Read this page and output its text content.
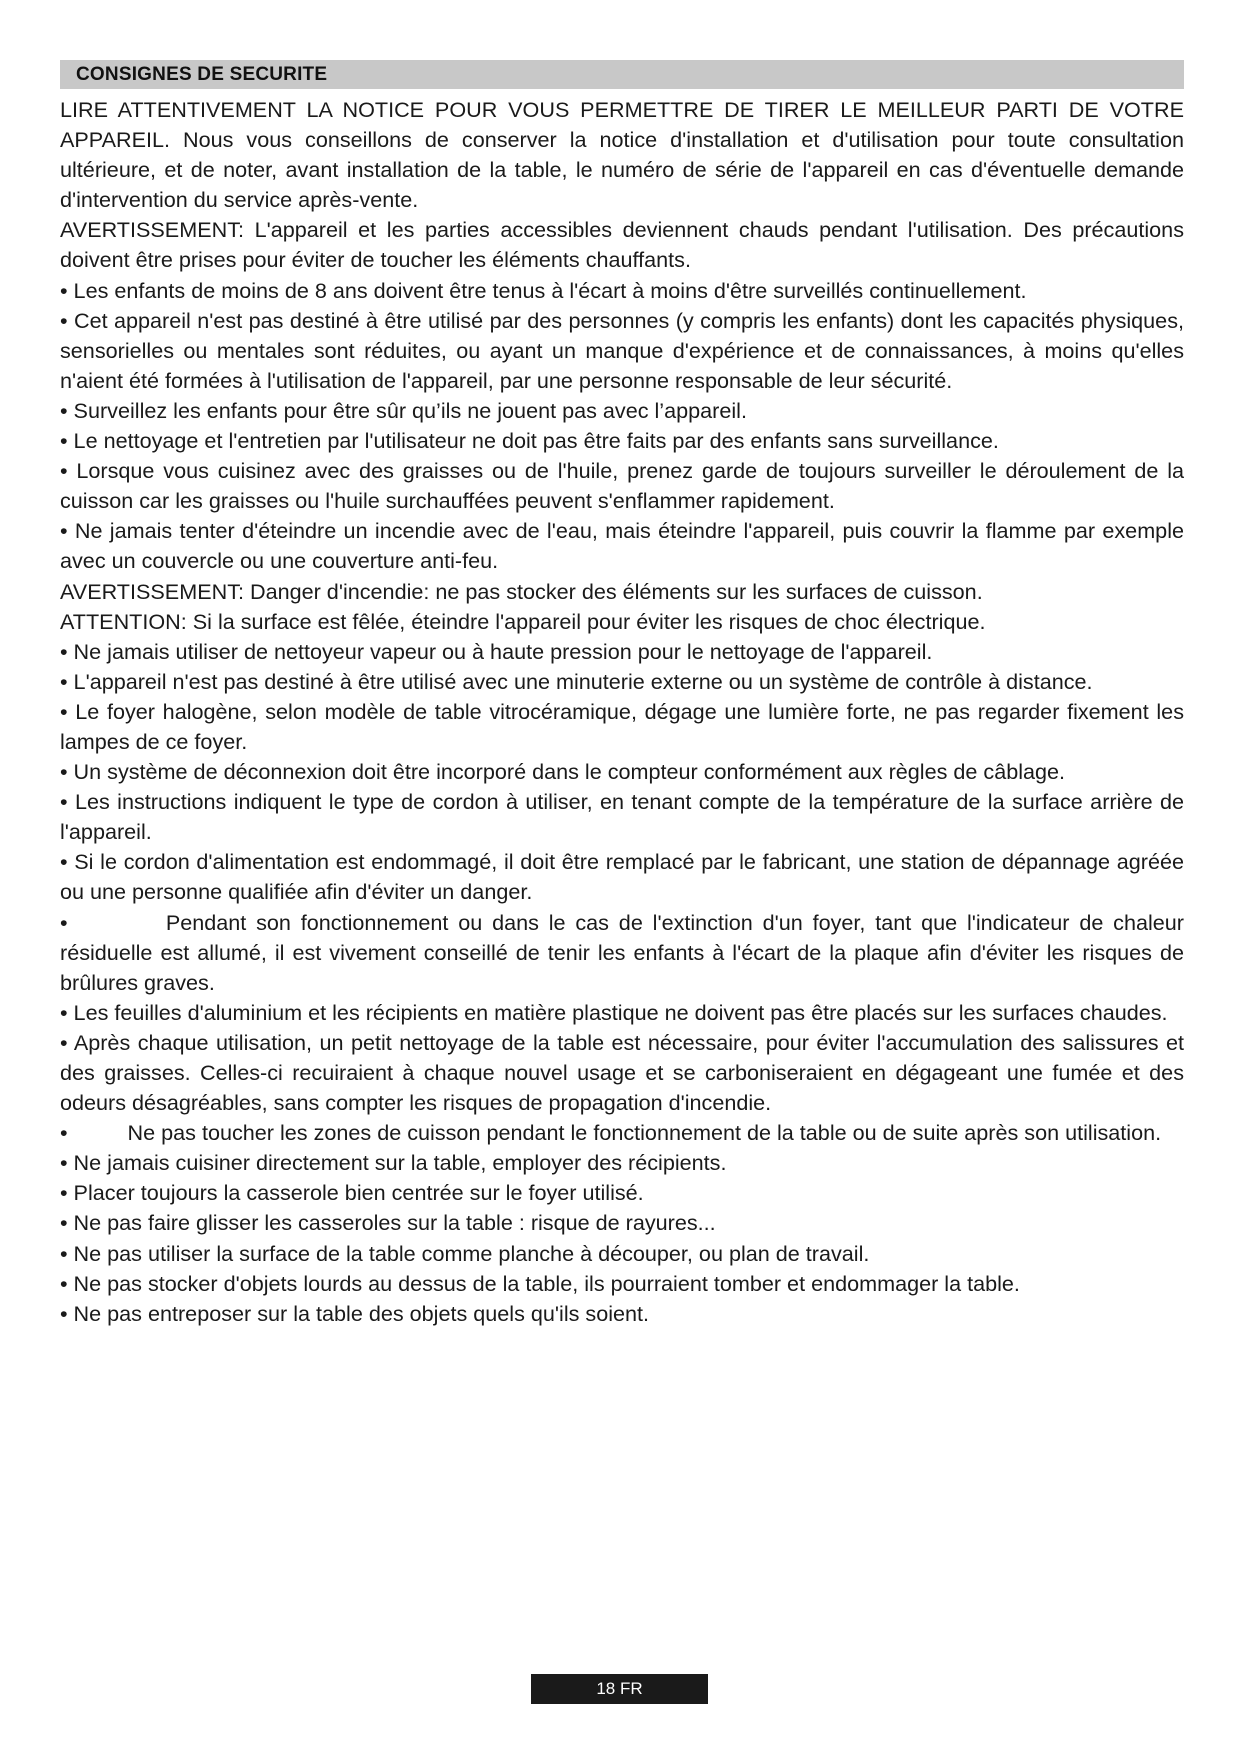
CONSIGNES DE SECURITE

LIRE ATTENTIVEMENT LA NOTICE POUR VOUS PERMETTRE DE TIRER LE MEILLEUR PARTI DE VOTRE APPAREIL. Nous vous conseillons de conserver la notice d'installation et d'utilisation pour toute consultation ultérieure, et de noter, avant installation de la table, le numéro de série de l'appareil en cas d'éventuelle demande d'intervention du service après-vente.

AVERTISSEMENT: L'appareil et les parties accessibles deviennent chauds pendant l'utilisation. Des précautions doivent être prises pour éviter de toucher les éléments chauffants.

• Les enfants de moins de 8 ans doivent être tenus à l'écart à moins d'être surveillés continuellement.

• Cet appareil n'est pas destiné à être utilisé par des personnes (y compris les enfants) dont les capacités physiques, sensorielles ou mentales sont réduites, ou ayant un manque d'expérience et de connaissances, à moins qu'elles n'aient été formées à l'utilisation de l'appareil, par une personne responsable de leur sécurité.

• Surveillez les enfants pour être sûr qu’ils ne jouent pas avec l’appareil.

• Le nettoyage et l'entretien par l'utilisateur ne doit pas être faits par des enfants sans surveillance.

• Lorsque vous cuisinez avec des graisses ou de l'huile, prenez garde de toujours surveiller le déroulement de la cuisson car les graisses ou l'huile surchauffées peuvent s'enflammer rapidement.

• Ne jamais tenter d'éteindre un incendie avec de l'eau, mais éteindre l'appareil, puis couvrir la flamme par exemple avec un couvercle ou une couverture anti-feu.

AVERTISSEMENT: Danger d'incendie: ne pas stocker des éléments sur les surfaces de cuisson.

ATTENTION: Si la surface est fêlée, éteindre l'appareil pour éviter les risques de choc électrique.

• Ne jamais utiliser de nettoyeur vapeur ou à haute pression pour le nettoyage de l'appareil.

• L'appareil n'est pas destiné à être utilisé avec une minuterie externe ou un système de contrôle à distance.

• Le foyer halogène, selon modèle de table vitrocéramique, dégage une lumière forte, ne pas regarder fixement les lampes de ce foyer.

• Un système de déconnexion doit être incorporé dans le compteur conformément aux règles de câblage.

• Les instructions indiquent le type de cordon à utiliser, en tenant compte de la température de la surface arrière de l'appareil.

• Si le cordon d'alimentation est endommagé, il doit être remplacé par le fabricant, une station de dépannage agréée ou une personne qualifiée afin d'éviter un danger.

•          Pendant son fonctionnement ou dans le cas de l'extinction d'un foyer, tant que l'indicateur de chaleur résiduelle est allumé, il est vivement conseillé de tenir les enfants à l'écart de la plaque afin d'éviter les risques de brûlures graves.

• Les feuilles d'aluminium et les récipients en matière plastique ne doivent pas être placés sur les surfaces chaudes.

• Après chaque utilisation, un petit nettoyage de la table est nécessaire, pour éviter l'accumulation des salissures et des graisses. Celles-ci recuiraient à chaque nouvel usage et se carboniseraient en dégageant une fumée et des odeurs désagréables, sans compter les risques de propagation d'incendie.

•          Ne pas toucher les zones de cuisson pendant le fonctionnement de la table ou de suite après son utilisation.

• Ne jamais cuisiner directement sur la table, employer des récipients.

• Placer toujours la casserole bien centrée sur le foyer utilisé.

• Ne pas faire glisser les casseroles sur la table : risque de rayures...

• Ne pas utiliser la surface de la table comme planche à découper, ou plan de travail.

• Ne pas stocker d'objets lourds au dessus de la table, ils pourraient tomber et endommager la table.

• Ne pas entreposer sur la table des objets quels qu'ils soient.

18 FR
